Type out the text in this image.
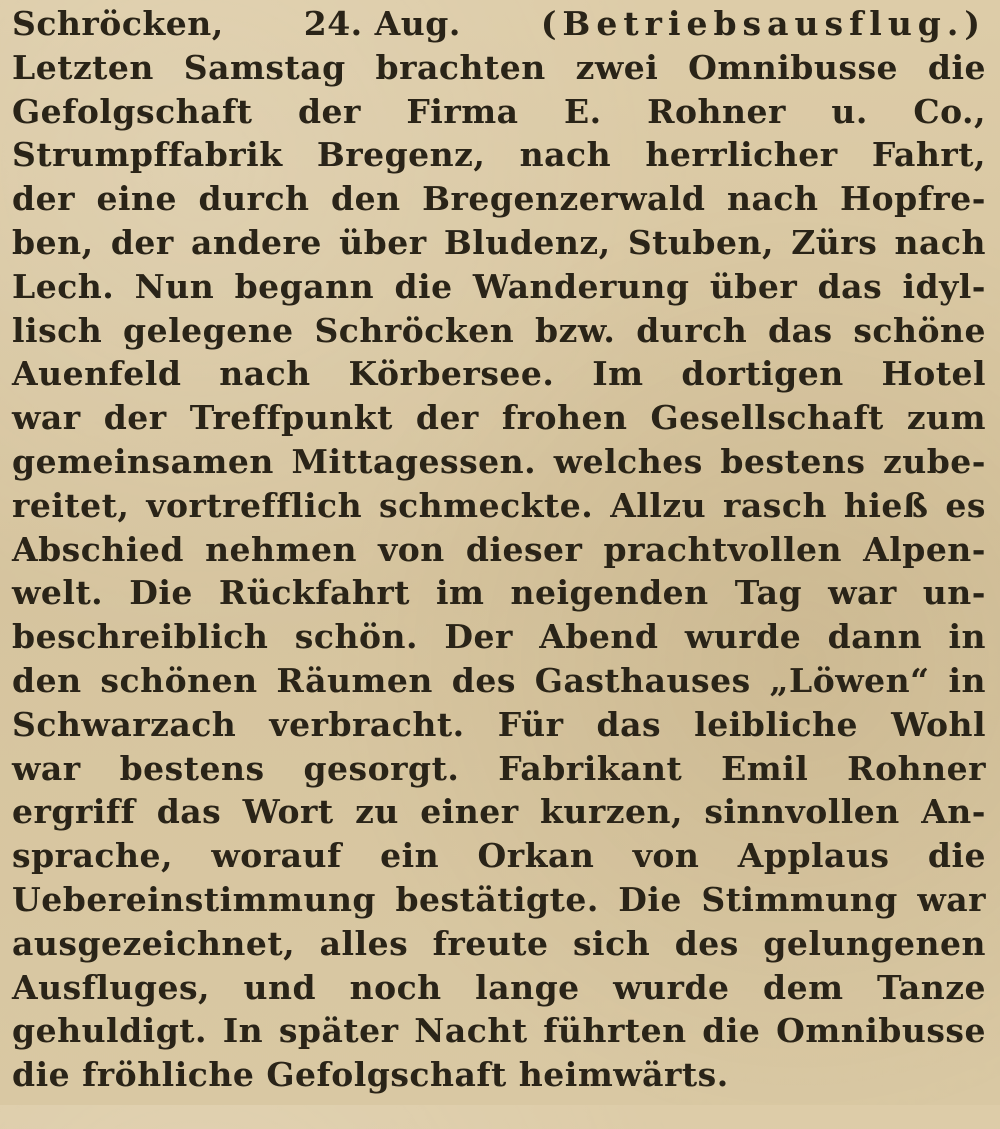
Schröcken, 24. Aug. (Betriebsausflug.)
Letzten Samstag brachten zwei Omnibusse die
Gefolgschaft der Firma E. Rohner u. Co.,
Strumpffabrik Bregenz, nach herrlicher Fahrt,
der eine durch den Bregenzerwald nach Hopfre-
ben, der andere über Bludenz, Stuben, Zürs nach
Lech. Nun begann die Wanderung über das idyl-
lisch gelegene Schröcken bzw. durch das schöne
Auenfeld nach Körbersee. Im dortigen Hotel
war der Treffpunkt der frohen Gesellschaft zum
gemeinsamen Mittagessen. welches bestens zube-
reitet, vortrefflich schmeckte. Allzu rasch hieß es
Abschied nehmen von dieser prachtvollen Alpen-
welt. Die Rückfahrt im neigenden Tag war un-
beschreiblich schön. Der Abend wurde dann in
den schönen Räumen des Gasthauses „Löwen“ in
Schwarzach verbracht. Für das leibliche Wohl
war bestens gesorgt. Fabrikant Emil Rohner
ergriff das Wort zu einer kurzen, sinnvollen An-
sprache, worauf ein Orkan von Applaus die
Uebereinstimmung bestätigte. Die Stimmung war
ausgezeichnet, alles freute sich des gelungenen
Ausfluges, und noch lange wurde dem Tanze
gehuldigt. In später Nacht führten die Omnibusse
die fröhliche Gefolgschaft heimwärts.
